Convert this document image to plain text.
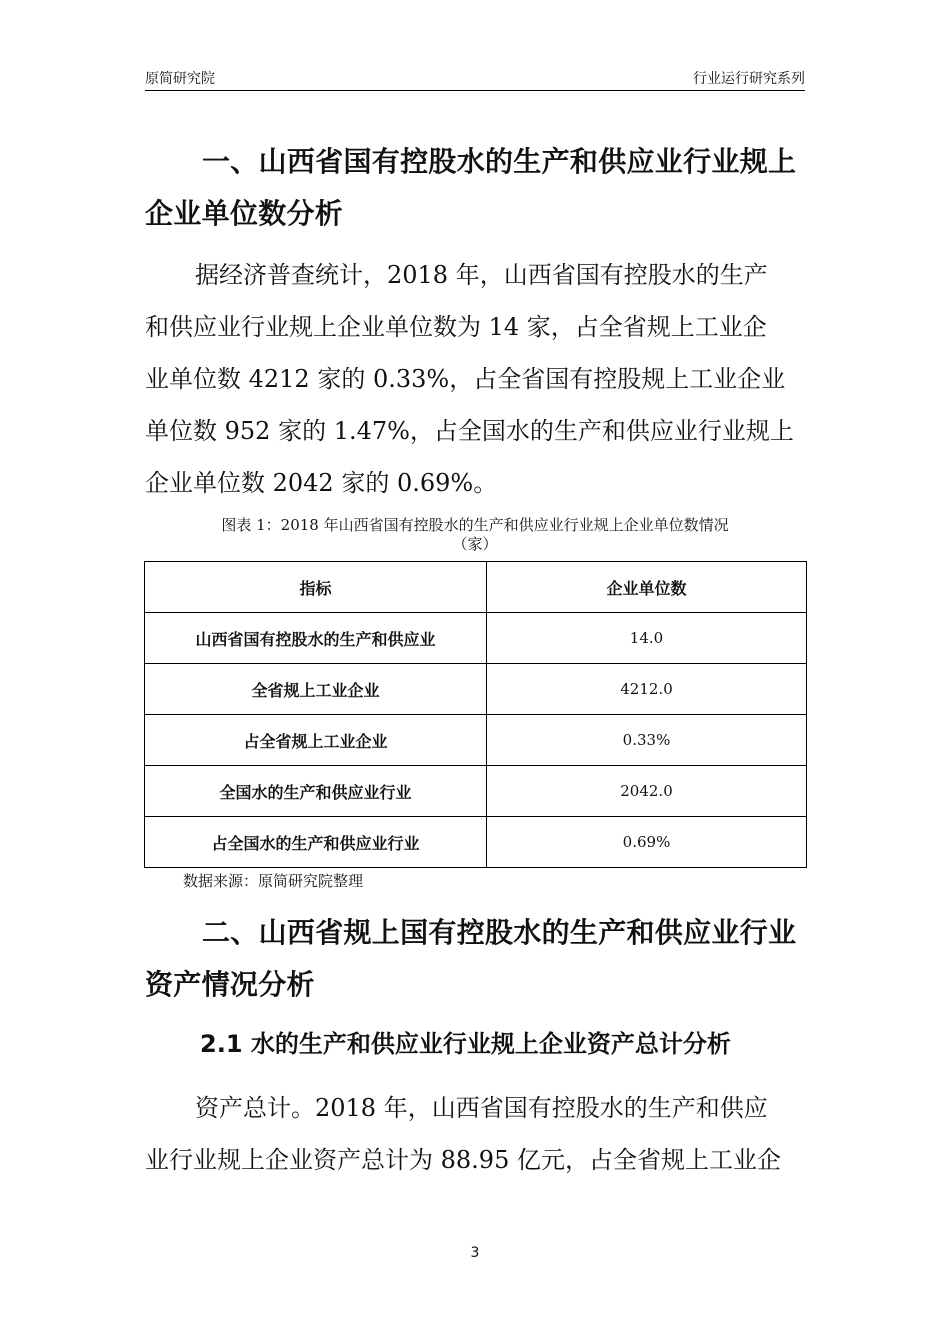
原简研究院	行业运行研究系列
一、山西省国有控股水的生产和供应业行业规上
企业单位数分析
据经济普查统计，2018 年，山西省国有控股水的生产
和供应业行业规上企业单位数为 14 家，占全省规上工业企
业单位数 4212 家的 0.33%，占全省国有控股规上工业企业
单位数 952 家的 1.47%，占全国水的生产和供应业行业规上
企业单位数 2042 家的 0.69%。
图表 1：2018 年山西省国有控股水的生产和供应业行业规上企业单位数情况
（家）
指标	企业单位数
山西省国有控股水的生产和供应业	14.0
全省规上工业企业	4212.0
占全省规上工业企业	0.33%
全国水的生产和供应业行业	2042.0
占全国水的生产和供应业行业	0.69%
数据来源：原简研究院整理
二、山西省规上国有控股水的生产和供应业行业
资产情况分析
2.1 水的生产和供应业行业规上企业资产总计分析
资产总计。2018 年，山西省国有控股水的生产和供应
业行业规上企业资产总计为 88.95 亿元，占全省规上工业企
3
